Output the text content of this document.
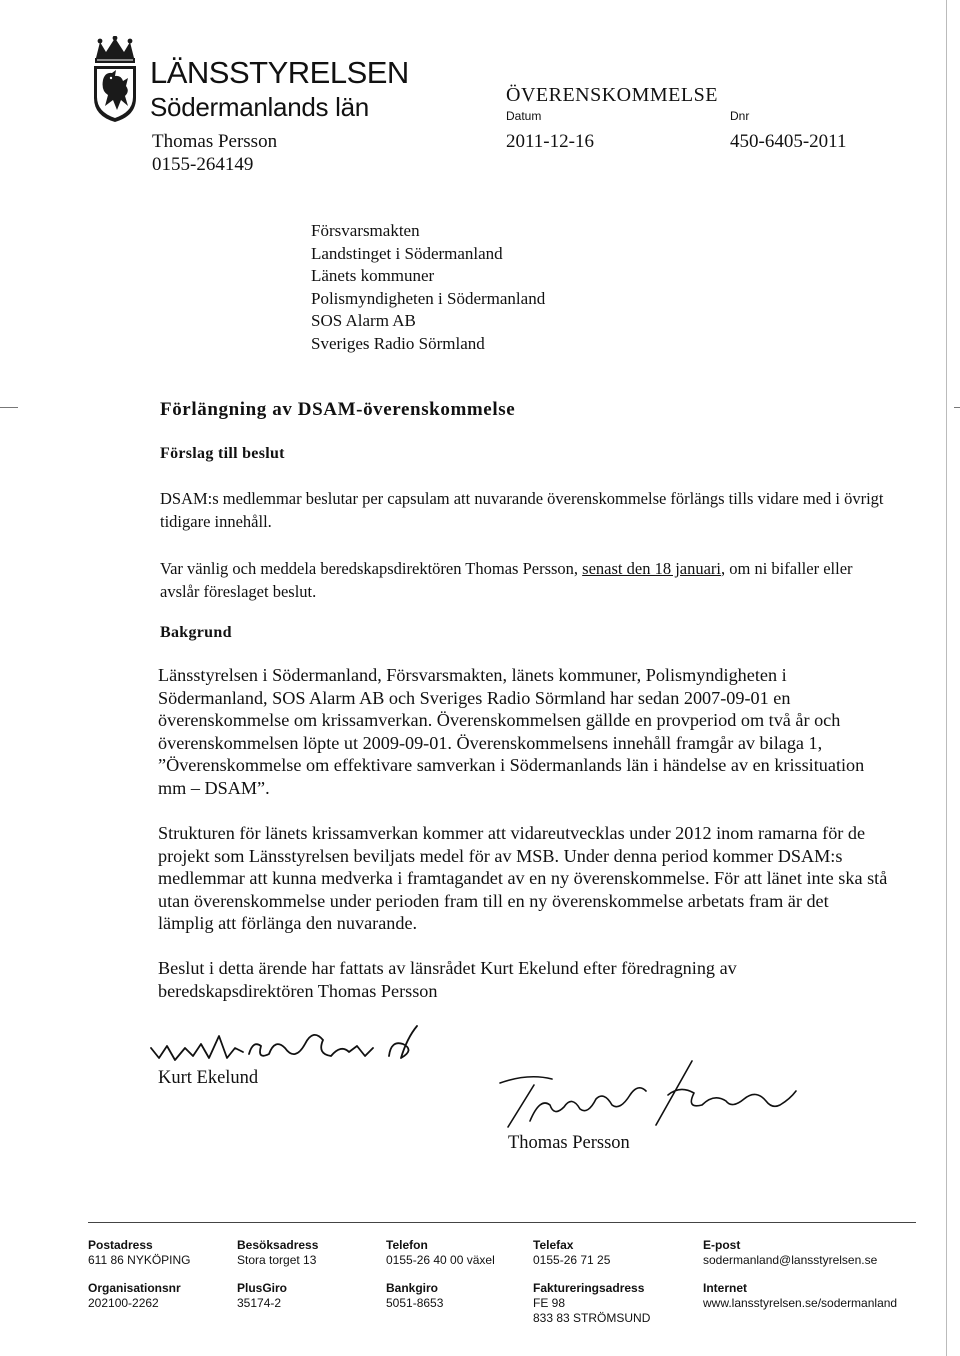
LÄNSSTYRELSEN
Södermanlands län
Thomas Persson
0155-264149
ÖVERENSKOMMELSE
Datum	Dnr
2011-12-16	450-6405-2011
Försvarsmakten
Landstinget i Södermanland
Länets kommuner
Polismyndigheten i Södermanland
SOS Alarm AB
Sveriges Radio Sörmland
Förlängning av DSAM-överenskommelse
Förslag till beslut

DSAM:s medlemmar beslutar per capsulam att nuvarande överenskommelse förlängs tills vidare med i övrigt tidigare innehåll.

Var vänlig och meddela beredskapsdirektören Thomas Persson, senast den 18 januari, om ni bifaller eller avslår föreslaget beslut.

Bakgrund

Länsstyrelsen i Södermanland, Försvarsmakten, länets kommuner, Polismyndigheten i Södermanland, SOS Alarm AB och Sveriges Radio Sörmland har sedan 2007-09-01 en överenskommelse om krissamverkan. Överenskommelsen gällde en provperiod om två år och överenskommelsen löpte ut 2009-09-01. Överenskommelsens innehåll framgår av bilaga 1, ”Överenskommelse om effektivare samverkan i Södermanlands län i händelse av en krissituation mm – DSAM”.

Strukturen för länets krissamverkan kommer att vidareutvecklas under 2012 inom ramarna för de projekt som Länsstyrelsen beviljats medel för av MSB. Under denna period kommer DSAM:s medlemmar att kunna medverka i framtagandet av en ny överenskommelse. För att länet inte ska stå utan överenskommelse under perioden fram till en ny överenskommelse arbetats fram är det lämplig att förlänga den nuvarande.

Beslut i detta ärende har fattats av länsrådet Kurt Ekelund efter föredragning av beredskapsdirektören Thomas Persson

Kurt Ekelund
Thomas Persson
Postadress
611 86 NYKÖPING
Organisationsnr
202100-2262
Besöksadress
Stora torget 13
PlusGiro
35174-2
Telefon
0155-26 40 00 växel
Bankgiro
5051-8653
Telefax
0155-26 71 25
Faktureringsadress
FE 98
833 83 STRÖMSUND
E-post
sodermanland@lansstyrelsen.se
Internet
www.lansstyrelsen.se/sodermanland
